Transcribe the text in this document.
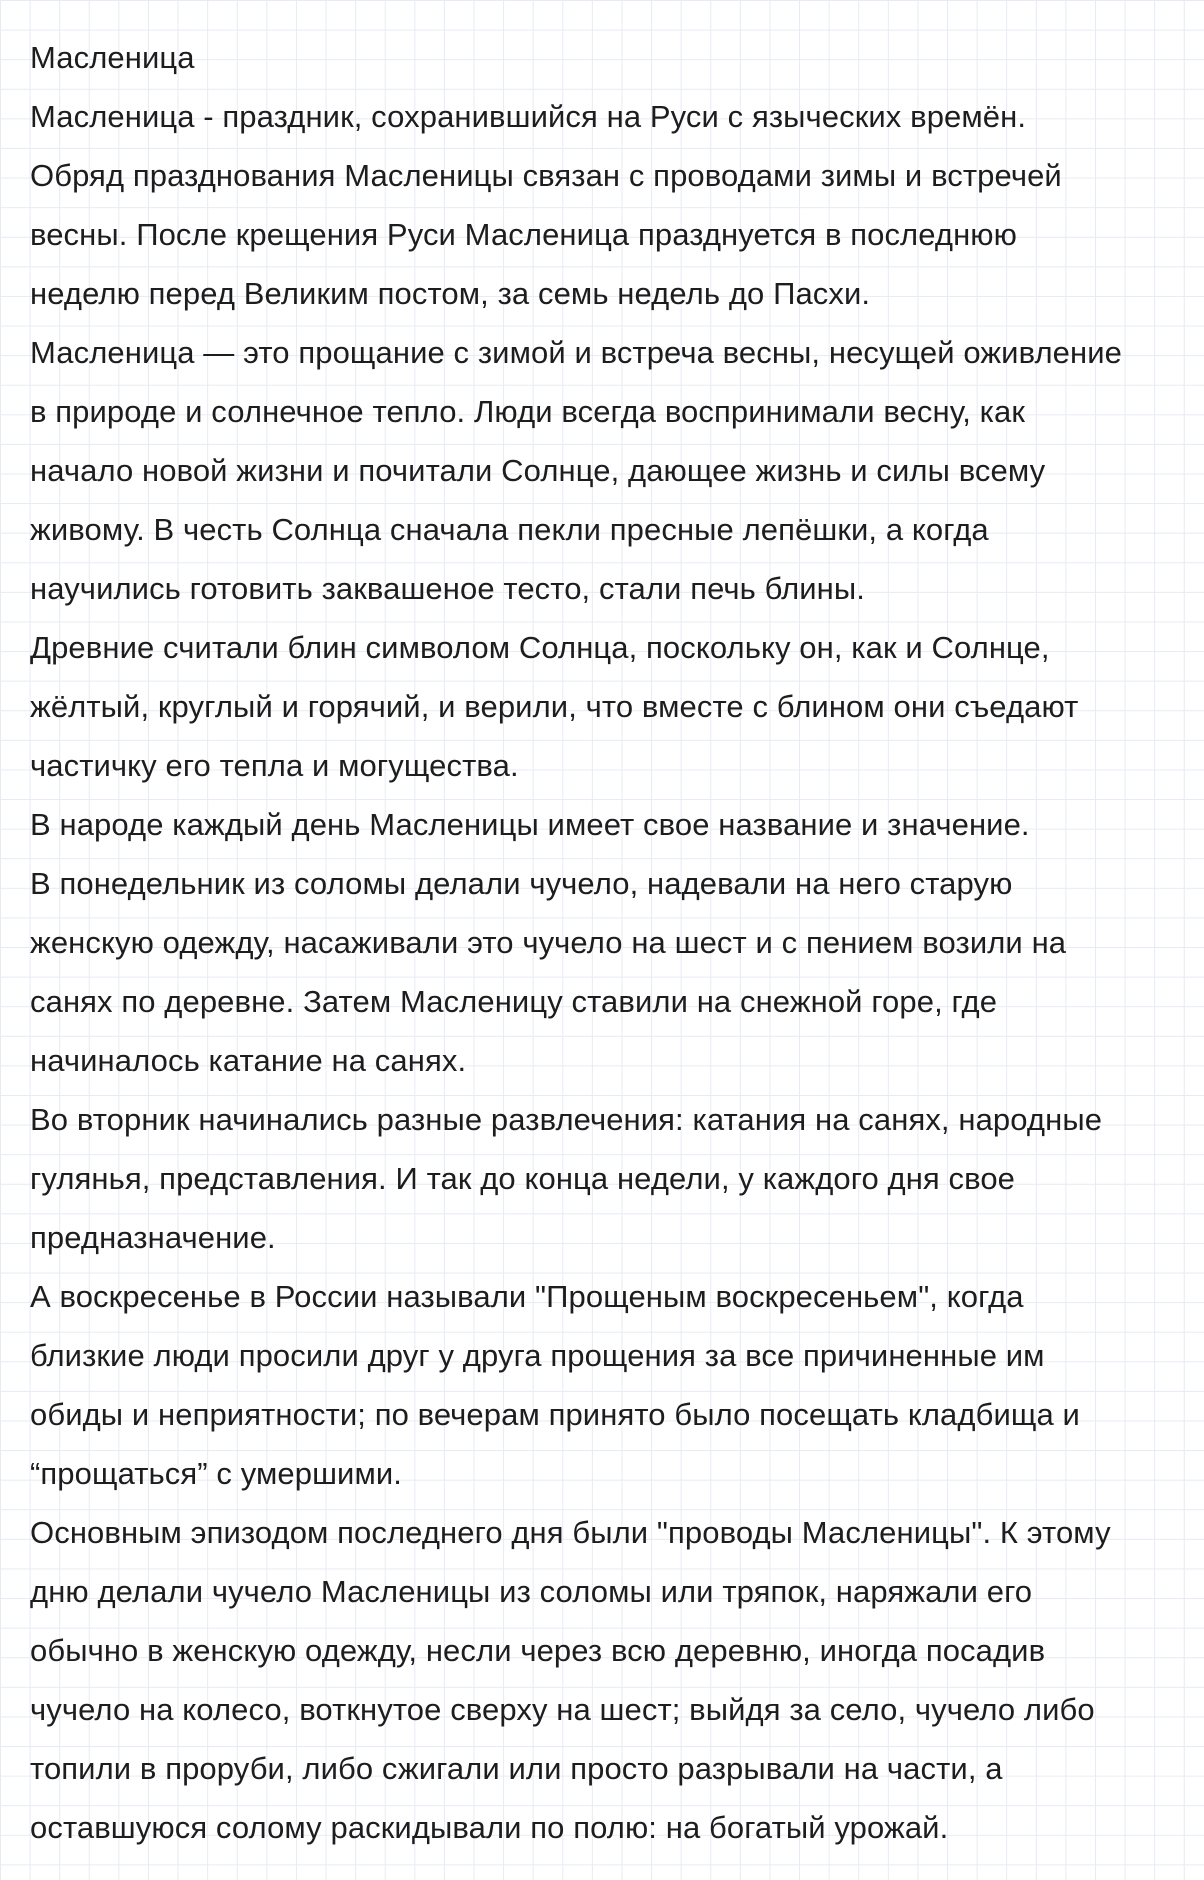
Масленица
Масленица - праздник, сохранившийся на Руси с языческих времён.
Обряд празднования Масленицы связан с проводами зимы и встречей
весны. После крещения Руси Масленица празднуется в последнюю
неделю перед Великим постом, за семь недель до Пасхи.
Масленица — это прощание с зимой и встреча весны, несущей оживление
в природе и солнечное тепло. Люди всегда воспринимали весну, как
начало новой жизни и почитали Солнце, дающее жизнь и силы всему
живому. В честь Солнца сначала пекли пресные лепёшки, а когда
научились готовить заквашеное тесто, стали печь блины.
Древние считали блин символом Солнца, поскольку он, как и Солнце,
жёлтый, круглый и горячий, и верили, что вместе с блином они съедают
частичку его тепла и могущества.
В народе каждый день Масленицы имеет свое название и значение.
В понедельник из соломы делали чучело, надевали на него старую
женскую одежду, насаживали это чучело на шест и с пением возили на
санях по деревне. Затем Масленицу ставили на снежной горе, где
начиналось катание на санях.
Во вторник начинались разные развлечения: катания на санях, народные
гулянья, представления. И так до конца недели, у каждого дня свое
предназначение.
А воскресенье в России называли "Прощеным воскресеньем", когда
близкие люди просили друг у друга прощения за все причиненные им
обиды и неприятности; по вечерам принято было посещать кладбища и
“прощаться” с умершими.
Основным эпизодом последнего дня были "проводы Масленицы". К этому
дню делали чучело Масленицы из соломы или тряпок, наряжали его
обычно в женскую одежду, несли через всю деревню, иногда посадив
чучело на колесо, воткнутое сверху на шест; выйдя за село, чучело либо
топили в проруби, либо сжигали или просто разрывали на части, а
оставшуюся солому раскидывали по полю: на богатый урожай.
